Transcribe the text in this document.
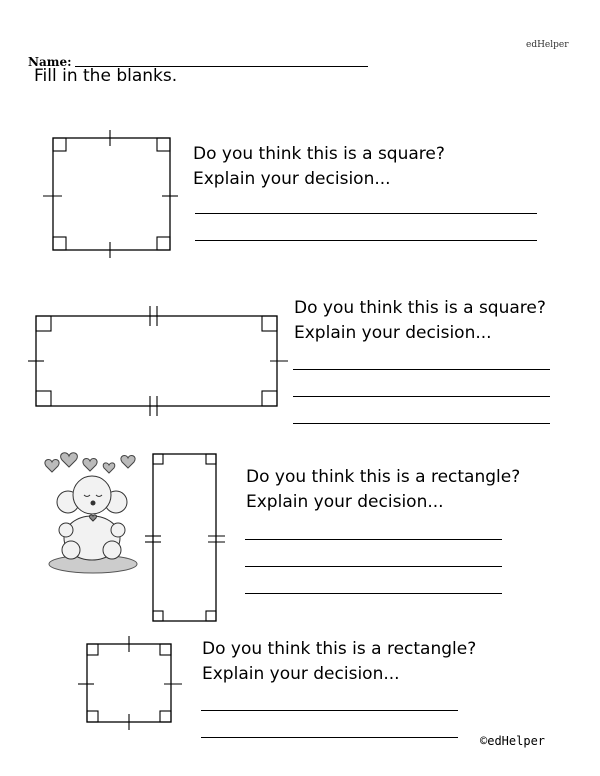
edHelper
Name:
Fill in the blanks.
Do you think this is a square?
Explain your decision...
Do you think this is a square?
Explain your decision...
Do you think this is a rectangle?
Explain your decision...
Do you think this is a rectangle?
Explain your decision...
©edHelper
